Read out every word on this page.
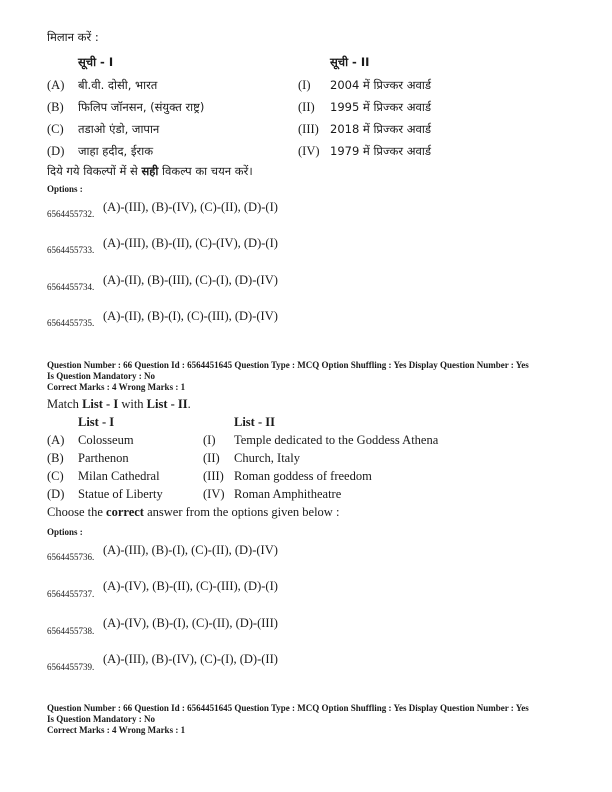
मिलान करें :
सूची - I	सूची - II
(A) बी.वी. दोसी, भारत	(I) 2004 में प्रिज्कर अवार्ड
(B) फिलिप जॉनसन, (संयुक्त राष्ट्र)	(II) 1995 में प्रिज्कर अवार्ड
(C) तडाओ एंडो, जापान	(III) 2018 में प्रिज्कर अवार्ड
(D) जाहा हदीद, ईराक	(IV) 1979 में प्रिज्कर अवार्ड
दिये गये विकल्पों में से सही विकल्प का चयन करें।
Options :
6564455732. (A)-(III), (B)-(IV), (C)-(II), (D)-(I)
6564455733. (A)-(III), (B)-(II), (C)-(IV), (D)-(I)
6564455734. (A)-(II), (B)-(III), (C)-(I), (D)-(IV)
6564455735. (A)-(II), (B)-(I), (C)-(III), (D)-(IV)
Question Number : 66 Question Id : 6564451645 Question Type : MCQ Option Shuffling : Yes Display Question Number : Yes
Is Question Mandatory : No
Correct Marks : 4 Wrong Marks : 1
Match List - I with List - II.
List - I	List - II
(A) Colosseum	(I) Temple dedicated to the Goddess Athena
(B) Parthenon	(II) Church, Italy
(C) Milan Cathedral	(III) Roman goddess of freedom
(D) Statue of Liberty	(IV) Roman Amphitheatre
Choose the correct answer from the options given below :
Options :
6564455736. (A)-(III), (B)-(I), (C)-(II), (D)-(IV)
6564455737.
(A)-(IV), (B)-(II), (C)-(III), (D)-(I)
6564455738.
(A)-(IV), (B)-(I), (C)-(II), (D)-(III)
6564455739.
(A)-(III), (B)-(IV), (C)-(I), (D)-(II)
Question Number : 66 Question Id : 6564451645 Question Type : MCQ Option Shuffling : Yes Display Question Number : Yes
Is Question Mandatory : No
Correct Marks : 4 Wrong Marks : 1
